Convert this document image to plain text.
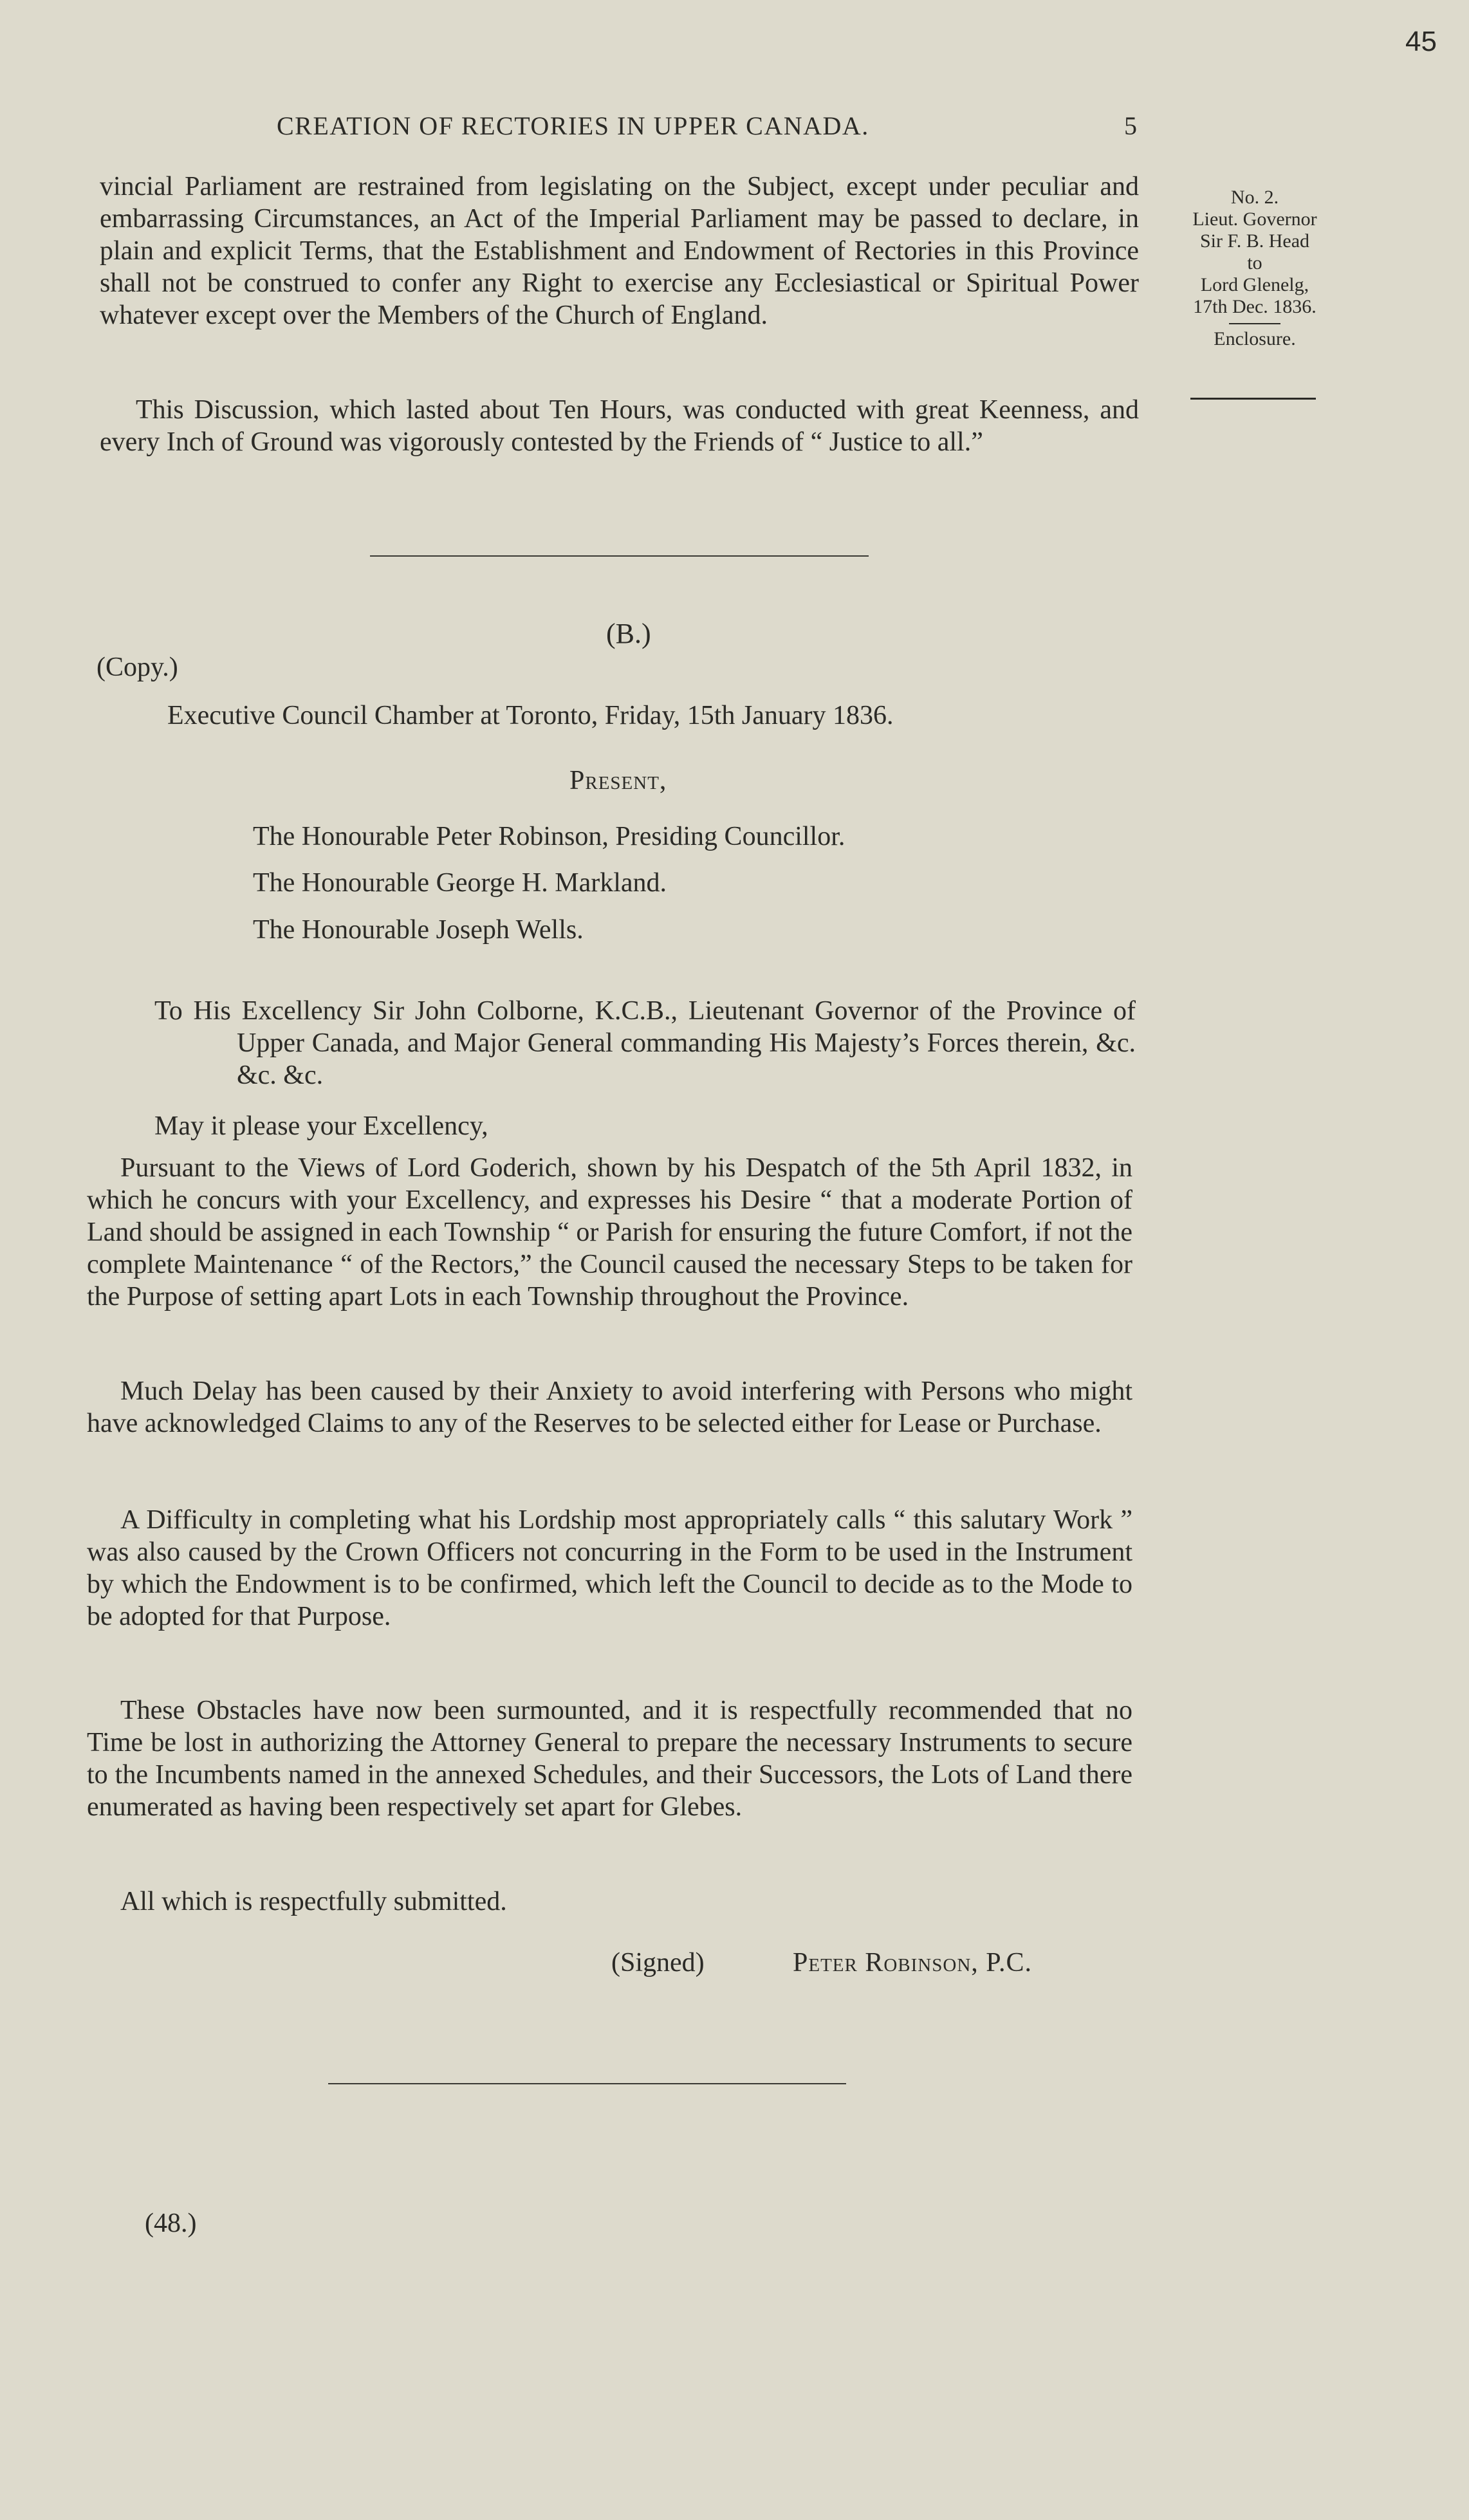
45
CREATION OF RECTORIES IN UPPER CANADA.	5
No. 2.
Lieut. Governor
Sir F. B. Head
to
Lord Glenelg,
17th Dec. 1836.
Enclosure.
vincial Parliament are restrained from legislating on the Subject, except under peculiar and embarrassing Circumstances, an Act of the Imperial Parliament may be passed to declare, in plain and explicit Terms, that the Establishment and Endowment of Rectories in this Province shall not be construed to confer any Right to exercise any Ecclesiastical or Spiritual Power whatever except over the Members of the Church of England.
This Discussion, which lasted about Ten Hours, was conducted with great Keenness, and every Inch of Ground was vigorously contested by the Friends of “ Justice to all.”
(B.)
(Copy.)
Executive Council Chamber at Toronto, Friday, 15th January 1836.
Present,
The Honourable Peter Robinson, Presiding Councillor.
The Honourable George H. Markland.
The Honourable Joseph Wells.
To His Excellency Sir John Colborne, K.C.B., Lieutenant Governor of the Province of Upper Canada, and Major General commanding His Majesty’s Forces therein, &c. &c. &c.
May it please your Excellency,
Pursuant to the Views of Lord Goderich, shown by his Despatch of the 5th April 1832, in which he concurs with your Excellency, and expresses his Desire “ that a moderate Portion of Land should be assigned in each Township “ or Parish for ensuring the future Comfort, if not the complete Maintenance “ of the Rectors,” the Council caused the necessary Steps to be taken for the Purpose of setting apart Lots in each Township throughout the Province.
Much Delay has been caused by their Anxiety to avoid interfering with Persons who might have acknowledged Claims to any of the Reserves to be selected either for Lease or Purchase.
A Difficulty in completing what his Lordship most appropriately calls “ this salutary Work ” was also caused by the Crown Officers not concurring in the Form to be used in the Instrument by which the Endowment is to be confirmed, which left the Council to decide as to the Mode to be adopted for that Purpose.
These Obstacles have now been surmounted, and it is respectfully recommended that no Time be lost in authorizing the Attorney General to prepare the necessary Instruments to secure to the Incumbents named in the annexed Schedules, and their Successors, the Lots of Land there enumerated as having been respectively set apart for Glebes.
All which is respectfully submitted.
(Signed)	Peter Robinson, P.C.
(48.)
